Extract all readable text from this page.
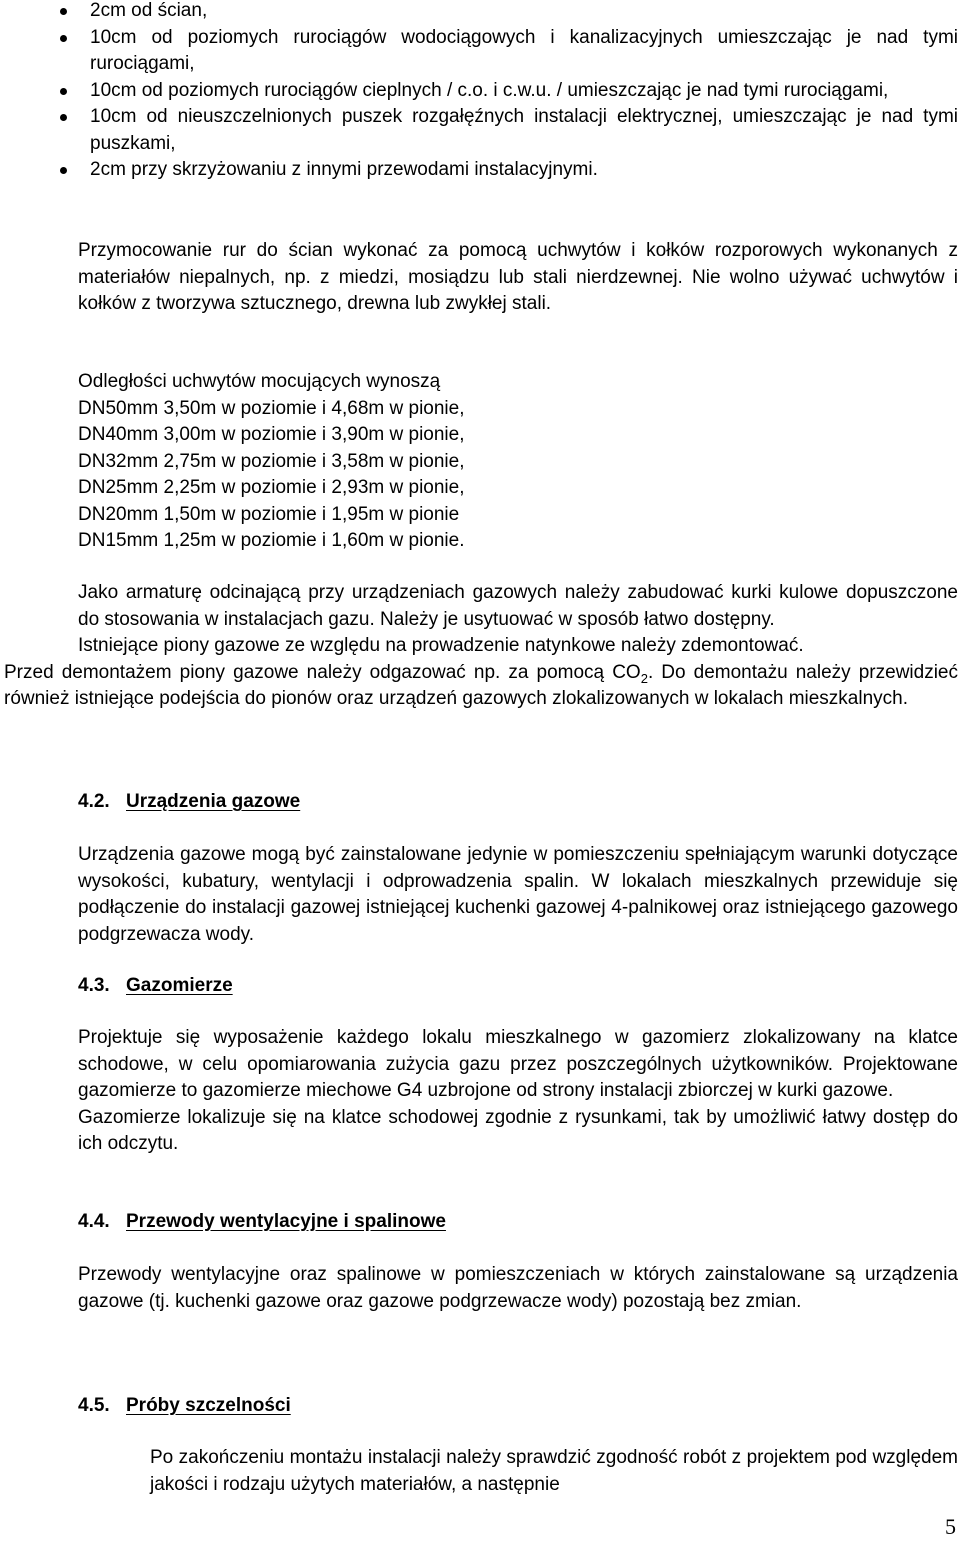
2cm od ścian,
10cm od poziomych rurociągów wodociągowych i kanalizacyjnych umieszczając je nad tymi rurociągami,
10cm od poziomych rurociągów cieplnych / c.o. i c.w.u. / umieszczając je nad tymi rurociągami,
10cm od nieuszczelnionych puszek rozgałęźnych instalacji elektrycznej, umieszczając je nad tymi puszkami,
2cm przy skrzyżowaniu z innymi przewodami instalacyjnymi.

Przymocowanie rur do ścian wykonać za pomocą uchwytów i kołków rozporowych wykonanych z materiałów niepalnych, np. z miedzi, mosiądzu lub stali nierdzewnej. Nie wolno używać uchwytów i kołków z tworzywa sztucznego, drewna lub zwykłej stali.

Odległości uchwytów mocujących wynoszą
DN50mm 3,50m w poziomie i 4,68m w pionie,
DN40mm 3,00m w poziomie i 3,90m w pionie,
DN32mm 2,75m w poziomie i 3,58m w pionie,
DN25mm 2,25m w poziomie i 2,93m w pionie,
DN20mm 1,50m w poziomie i 1,95m w pionie
DN15mm 1,25m w poziomie i 1,60m w pionie.

Jako armaturę odcinającą przy urządzeniach gazowych należy zabudować kurki kulowe dopuszczone do stosowania w instalacjach gazu. Należy je usytuować w sposób łatwo dostępny.

Istniejące piony gazowe ze względu na prowadzenie natynkowe należy zdemontować.

Przed demontażem piony gazowe należy odgazować np. za pomocą $CO_2$. Do demontażu należy przewidzieć również istniejące podejścia do pionów oraz urządzeń gazowych zlokalizowanych w lokalach mieszkalnych.

4.2. Urządzenia gazowe

Urządzenia gazowe mogą być zainstalowane jedynie w pomieszczeniu spełniającym warunki dotyczące wysokości, kubatury, wentylacji i odprowadzenia spalin. W lokalach mieszkalnych przewiduje się podłączenie do instalacji gazowej istniejącej kuchenki gazowej 4-palnikowej oraz istniejącego gazowego podgrzewacza wody.

4.3. Gazomierze

Projektuje się wyposażenie każdego lokalu mieszkalnego w gazomierz zlokalizowany na klatce schodowe, w celu opomiarowania zużycia gazu przez poszczególnych użytkowników. Projektowane gazomierze to gazomierze miechowe G4 uzbrojone od strony instalacji zbiorczej w kurki gazowe.

Gazomierze lokalizuje się na klatce schodowej zgodnie z rysunkami, tak by umożliwić łatwy dostęp do ich odczytu.

4.4. Przewody wentylacyjne i spalinowe

Przewody wentylacyjne oraz spalinowe w pomieszczeniach w których zainstalowane są urządzenia gazowe (tj. kuchenki gazowe oraz gazowe podgrzewacze wody) pozostają bez zmian.

4.5. Próby szczelności

Po zakończeniu montażu instalacji należy sprawdzić zgodność robót z projektem pod względem jakości i rodzaju użytych materiałów, a następnie

5
